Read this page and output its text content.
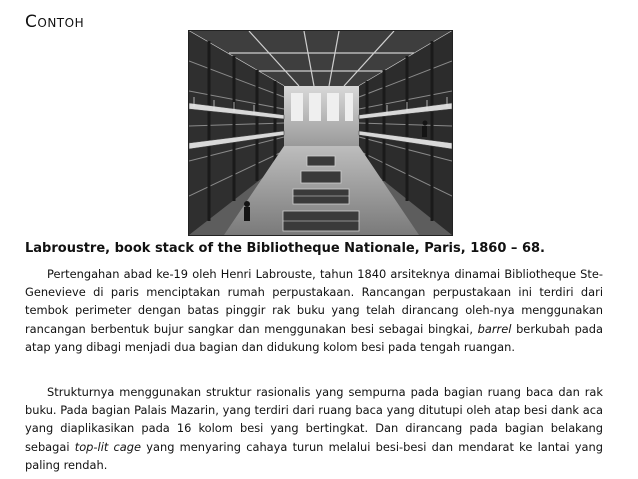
Contoh
Labroustre, book stack of the Bibliotheque Nationale, Paris, 1860 – 68.

Pertengahan abad ke-19 oleh Henri Labrouste, tahun 1840 arsiteknya dinamai Bibliotheque Ste-Genevieve di paris menciptakan rumah perpustakaan. Rancangan perpustakaan ini terdiri dari tembok perimeter dengan batas pinggir rak buku yang telah dirancang oleh-nya menggunakan rancangan berbentuk bujur sangkar dan menggunakan besi sebagai bingkai, barrel berkubah pada atap yang dibagi menjadi dua bagian dan didukung kolom besi pada tengah ruangan.

Strukturnya menggunakan struktur rasionalis yang sempurna pada bagian ruang baca dan rak buku. Pada bagian Palais Mazarin, yang terdiri dari ruang baca yang ditutupi oleh atap besi dank aca yang diaplikasikan pada 16 kolom besi yang bertingkat. Dan dirancang pada bagian belakang sebagai top-lit cage yang menyaring cahaya turun melalui besi-besi dan mendarat ke lantai yang paling rendah.
